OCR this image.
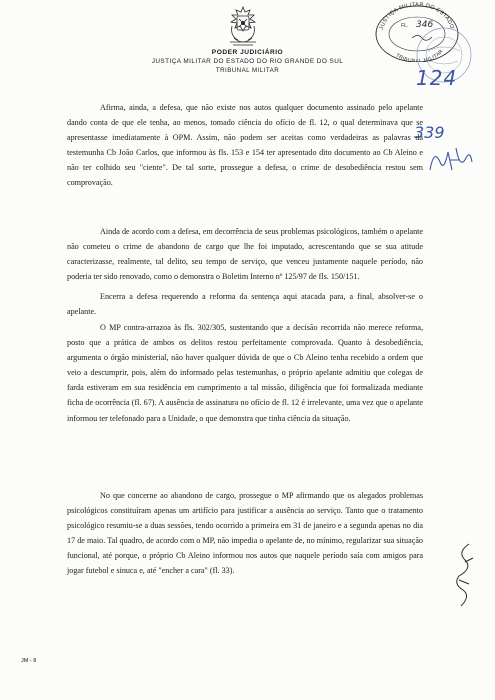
PODER JUDICIÁRIO
JUSTIÇA MILITAR DO ESTADO DO RIO GRANDE DO SUL
TRIBUNAL MILITAR
JUSTIÇA MILITAR DO ESTADO
TRIBUNAL MILITAR
FL. 346
124
339

Afirma, ainda, a defesa, que não existe nos autos qualquer documento assinado pelo apelante dando conta de que ele tenha, ao menos, tomado ciência do ofício de fl. 12, o qual determinava que se apresentasse imediatamente à OPM. Assim, não podem ser aceitas como verdadeiras as palavras da testemunha Cb João Carlos, que informou às fls. 153 e 154 ter apresentado dito documento ao Cb Aleino e não ter colhido seu "ciente". De tal sorte, prossegue a defesa, o crime de desobediência restou sem comprovação.

Ainda de acordo com a defesa, em decorrência de seus problemas psicológicos, também o apelante não cometeu o crime de abandono de cargo que lhe foi imputado, acrescentando que se sua atitude caracterizasse, realmente, tal delito, seu tempo de serviço, que venceu justamente naquele período, não poderia ter sido renovado, como o demonstra o Boletim Interno nº 125/97 de fls. 150/151.

Encerra a defesa requerendo a reforma da sentença aqui atacada para, a final, absolver-se o apelante.

O MP contra-arrazoa às fls. 302/305, sustentando que a decisão recorrida não merece reforma, posto que a prática de ambos os delitos restou perfeitamente comprovada. Quanto à desobediência, argumenta o órgão ministerial, não haver qualquer dúvida de que o Cb Aleino tenha recebido a ordem que veio a descumprir, pois, além do informado pelas testemunhas, o próprio apelante admitiu que colegas de farda estiveram em sua residência em cumprimento a tal missão, diligência que foi formalizada mediante ficha de ocorrência (fl. 67). A ausência de assinatura no ofício de fl. 12 é irrelevante, uma vez que o apelante informou ter telefonado para a Unidade, o que demonstra que tinha ciência da situação.

No que concerne ao abandono de cargo, prossegue o MP afirmando que os alegados problemas psicológicos constituíram apenas um artifício para justificar a ausência ao serviço. Tanto que o tratamento psicológico resumiu-se a duas sessões, tendo ocorrido a primeira em 31 de janeiro e a segunda apenas no dia 17 de maio. Tal quadro, de acordo com o MP, não impedia o apelante de, no mínimo, regularizar sua situação funcional, até porque, o próprio Cb Aleino informou nos autos que naquele período saía com amigos para jogar futebol e sinuca e, até "encher a cara" (fl. 33).

JM - 8
